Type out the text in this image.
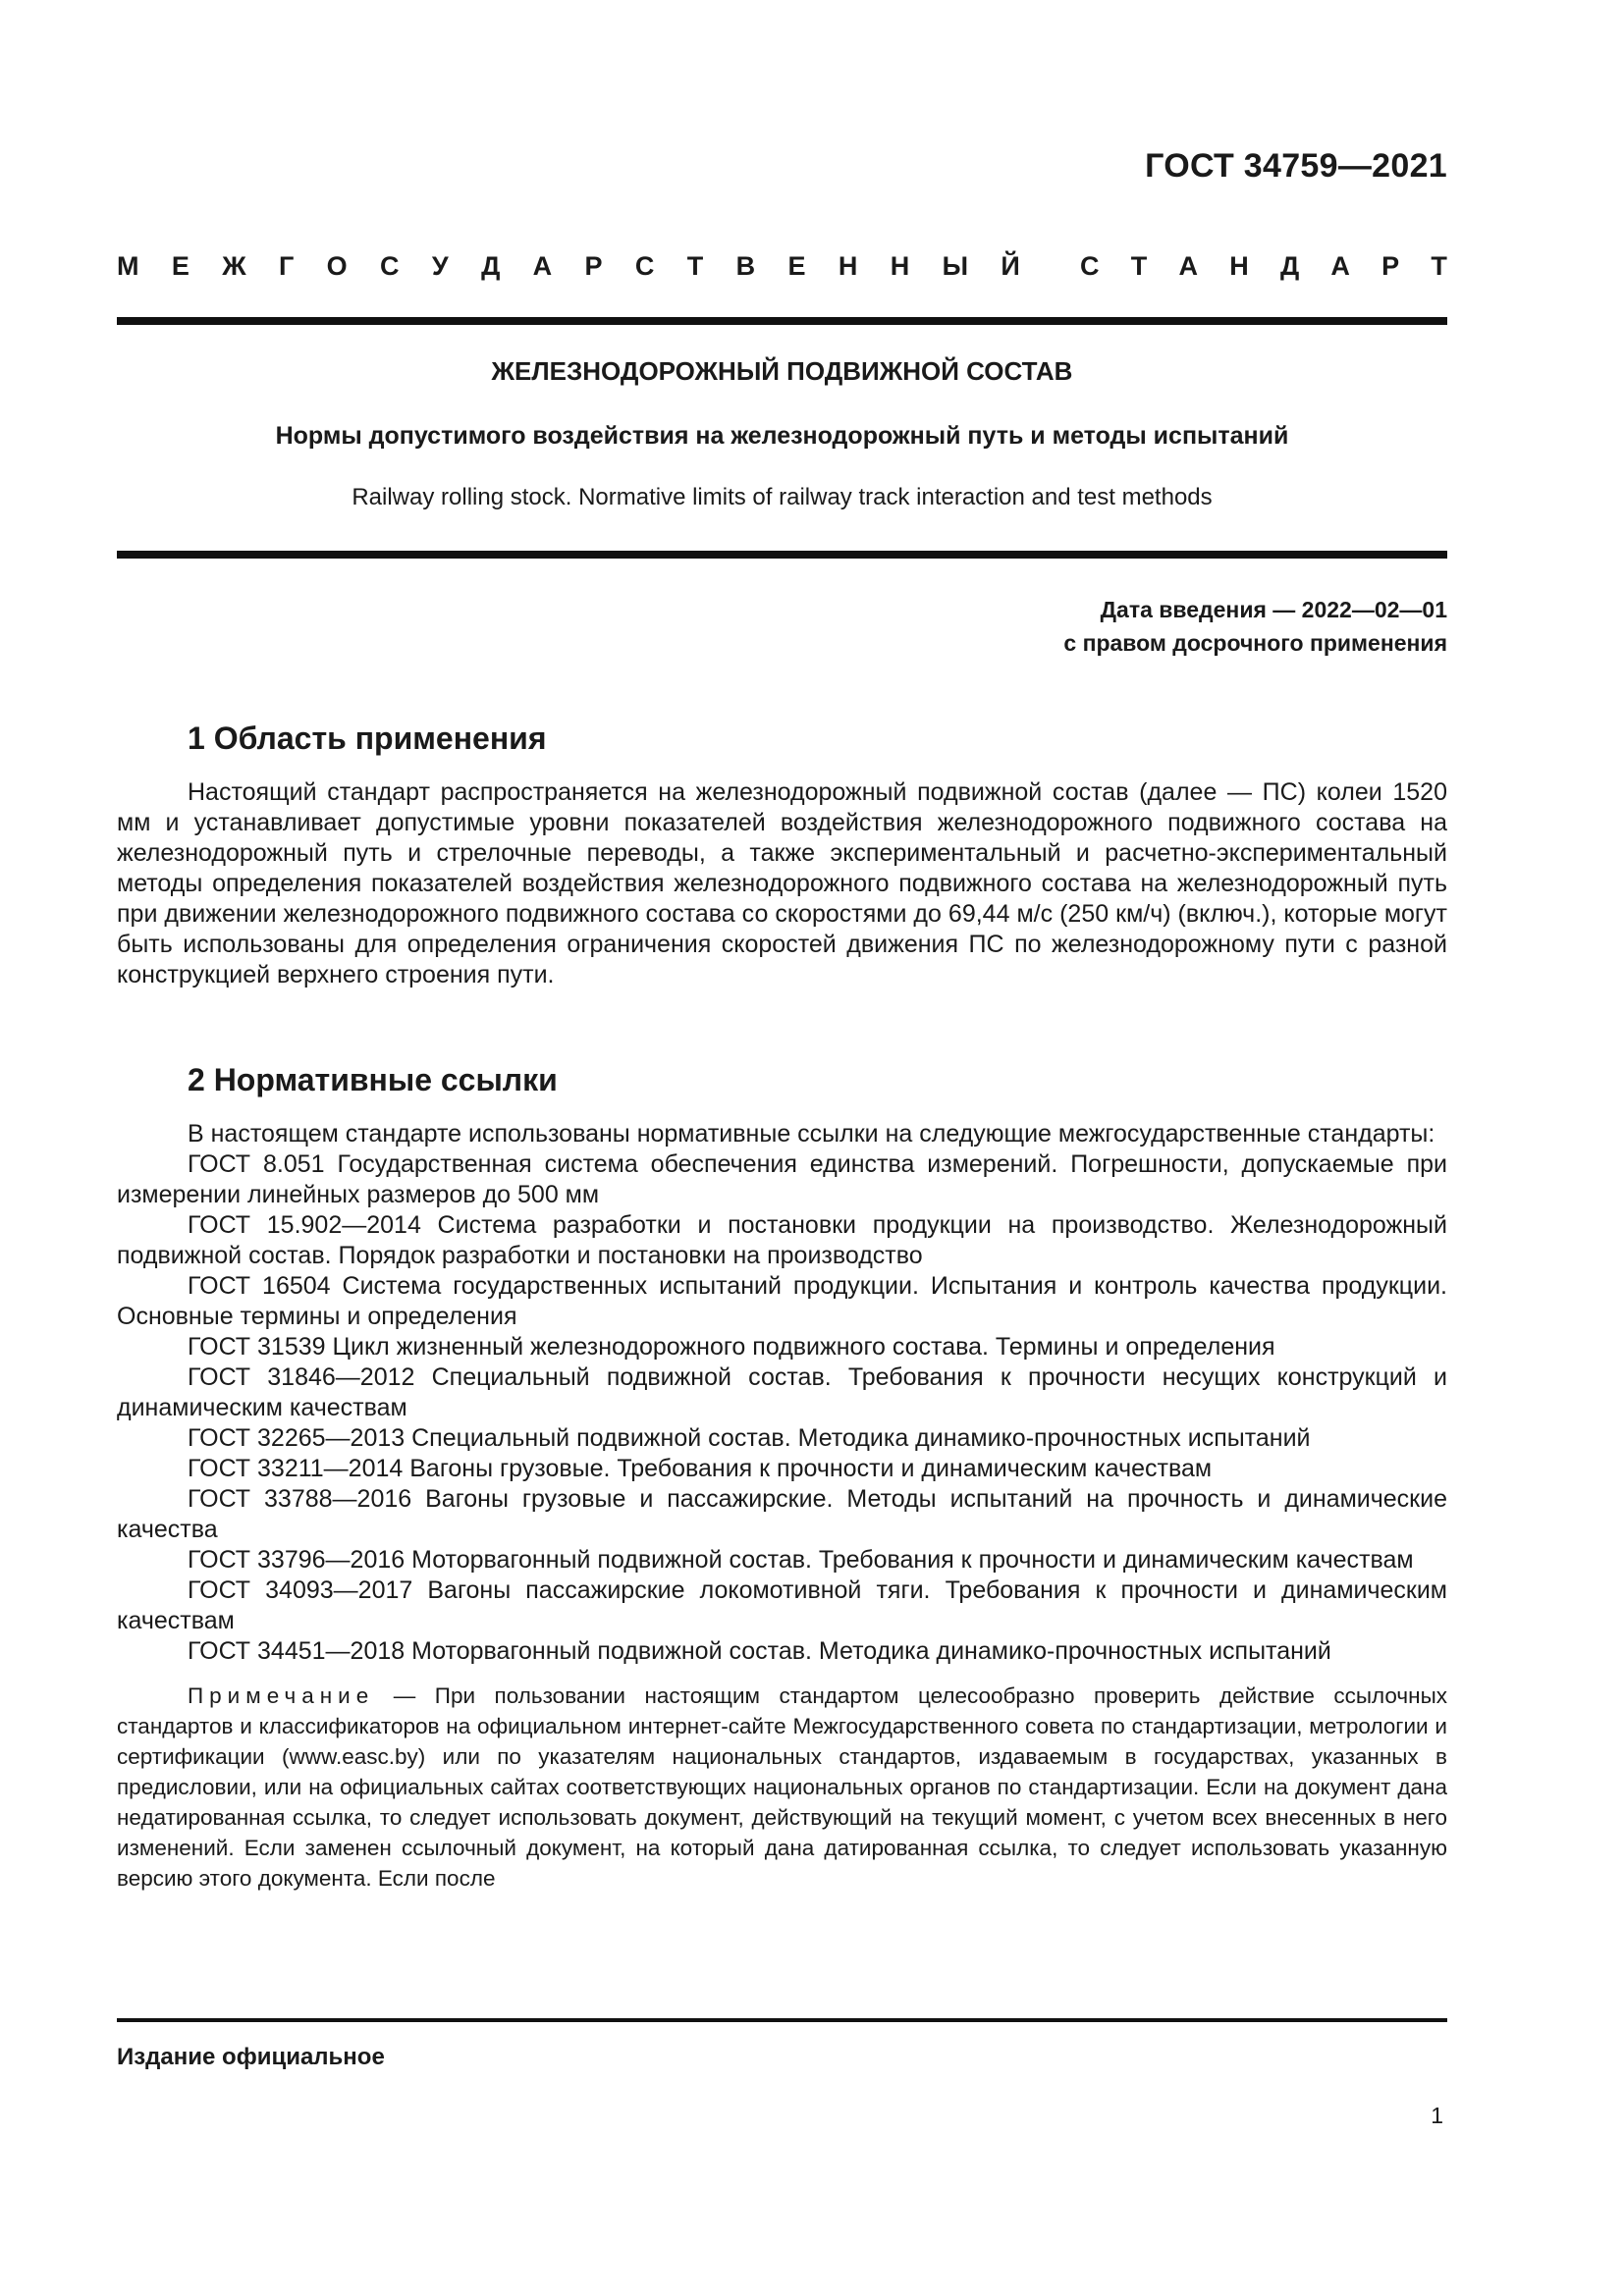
ГОСТ 34759—2021
М Е Ж Г О С У Д А Р С Т В Е Н Н Ы Й С Т А Н Д А Р Т
ЖЕЛЕЗНОДОРОЖНЫЙ ПОДВИЖНОЙ СОСТАВ
Нормы допустимого воздействия на железнодорожный путь и методы испытаний
Railway rolling stock. Normative limits of railway track interaction and test methods
Дата введения — 2022—02—01
с правом досрочного применения
1 Область применения

Настоящий стандарт распространяется на железнодорожный подвижной состав (далее — ПС) колеи 1520 мм и устанавливает допустимые уровни показателей воздействия железнодорожного подвижного состава на железнодорожный путь и стрелочные переводы, а также экспериментальный и расчетно-экспериментальный методы определения показателей воздействия железнодорожного подвижного состава на железнодорожный путь при движении железнодорожного подвижного состава со скоростями до 69,44 м/с (250 км/ч) (включ.), которые могут быть использованы для определения ограничения скоростей движения ПС по железнодорожному пути с разной конструкцией верхнего строения пути.

2 Нормативные ссылки

В настоящем стандарте использованы нормативные ссылки на следующие межгосударственные стандарты:

ГОСТ 8.051 Государственная система обеспечения единства измерений. Погрешности, допускаемые при измерении линейных размеров до 500 мм

ГОСТ 15.902—2014 Система разработки и постановки продукции на производство. Железнодорожный подвижной состав. Порядок разработки и постановки на производство

ГОСТ 16504 Система государственных испытаний продукции. Испытания и контроль качества продукции. Основные термины и определения

ГОСТ 31539 Цикл жизненный железнодорожного подвижного состава. Термины и определения

ГОСТ 31846—2012 Специальный подвижной состав. Требования к прочности несущих конструкций и динамическим качествам

ГОСТ 32265—2013 Специальный подвижной состав. Методика динамико-прочностных испытаний

ГОСТ 33211—2014 Вагоны грузовые. Требования к прочности и динамическим качествам

ГОСТ 33788—2016 Вагоны грузовые и пассажирские. Методы испытаний на прочность и динамические качества

ГОСТ 33796—2016 Моторвагонный подвижной состав. Требования к прочности и динамическим качествам

ГОСТ 34093—2017 Вагоны пассажирские локомотивной тяги. Требования к прочности и динамическим качествам

ГОСТ 34451—2018 Моторвагонный подвижной состав. Методика динамико-прочностных испытаний

Примечание — При пользовании настоящим стандартом целесообразно проверить действие ссылочных стандартов и классификаторов на официальном интернет-сайте Межгосударственного совета по стандартизации, метрологии и сертификации (www.easc.by) или по указателям национальных стандартов, издаваемым в государствах, указанных в предисловии, или на официальных сайтах соответствующих национальных органов по стандартизации. Если на документ дана недатированная ссылка, то следует использовать документ, действующий на текущий момент, с учетом всех внесенных в него изменений. Если заменен ссылочный документ, на который дана датированная ссылка, то следует использовать указанную версию этого документа. Если после

Издание официальное
1
